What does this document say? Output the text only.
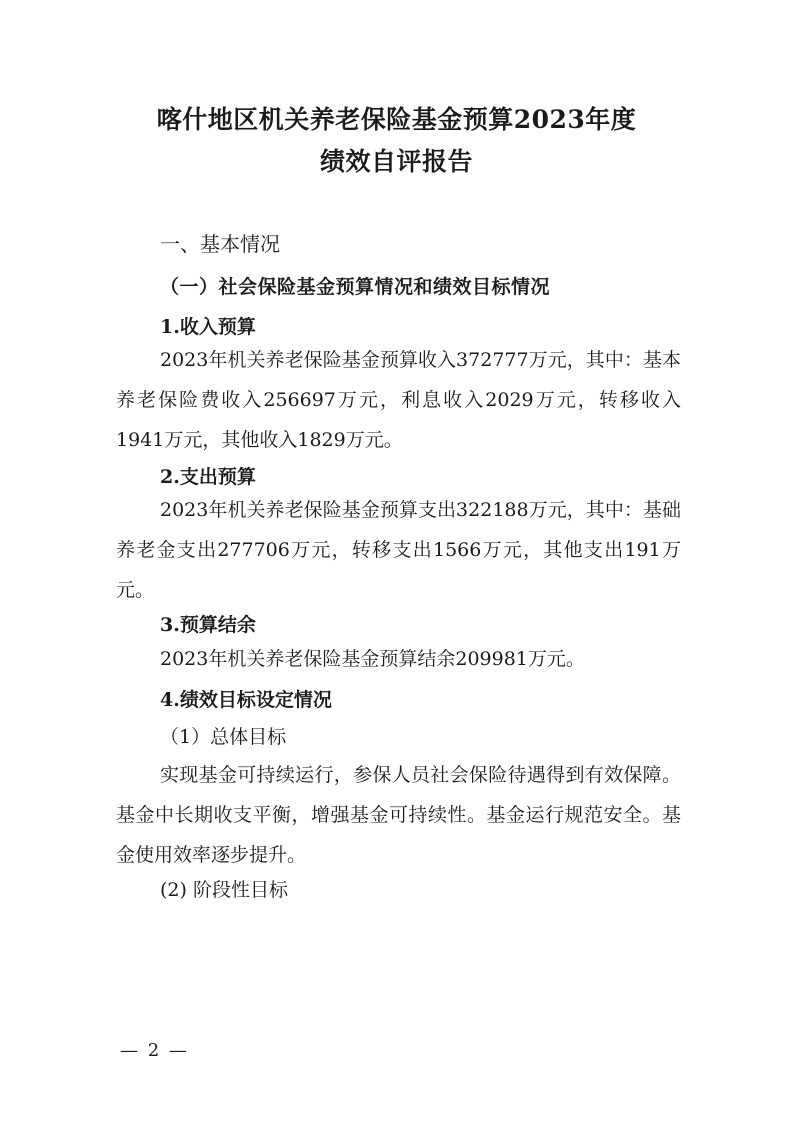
喀什地区机关养老保险基金预算2023年度
绩效自评报告
一、基本情况
（一）社会保险基金预算情况和绩效目标情况
1.收入预算

2023年机关养老保险基金预算收入372777万元，其中：基本养老保险费收入256697万元，利息收入2029万元，转移收入1941万元，其他收入1829万元。

2.支出预算

2023年机关养老保险基金预算支出322188万元，其中：基础养老金支出277706万元，转移支出1566万元，其他支出191万元。

3.预算结余

2023年机关养老保险基金预算结余209981万元。

4.绩效目标设定情况
（1）总体目标

实现基金可持续运行，参保人员社会保险待遇得到有效保障。基金中长期收支平衡，增强基金可持续性。基金运行规范安全。基金使用效率逐步提升。

(2) 阶段性目标
— 2 —
